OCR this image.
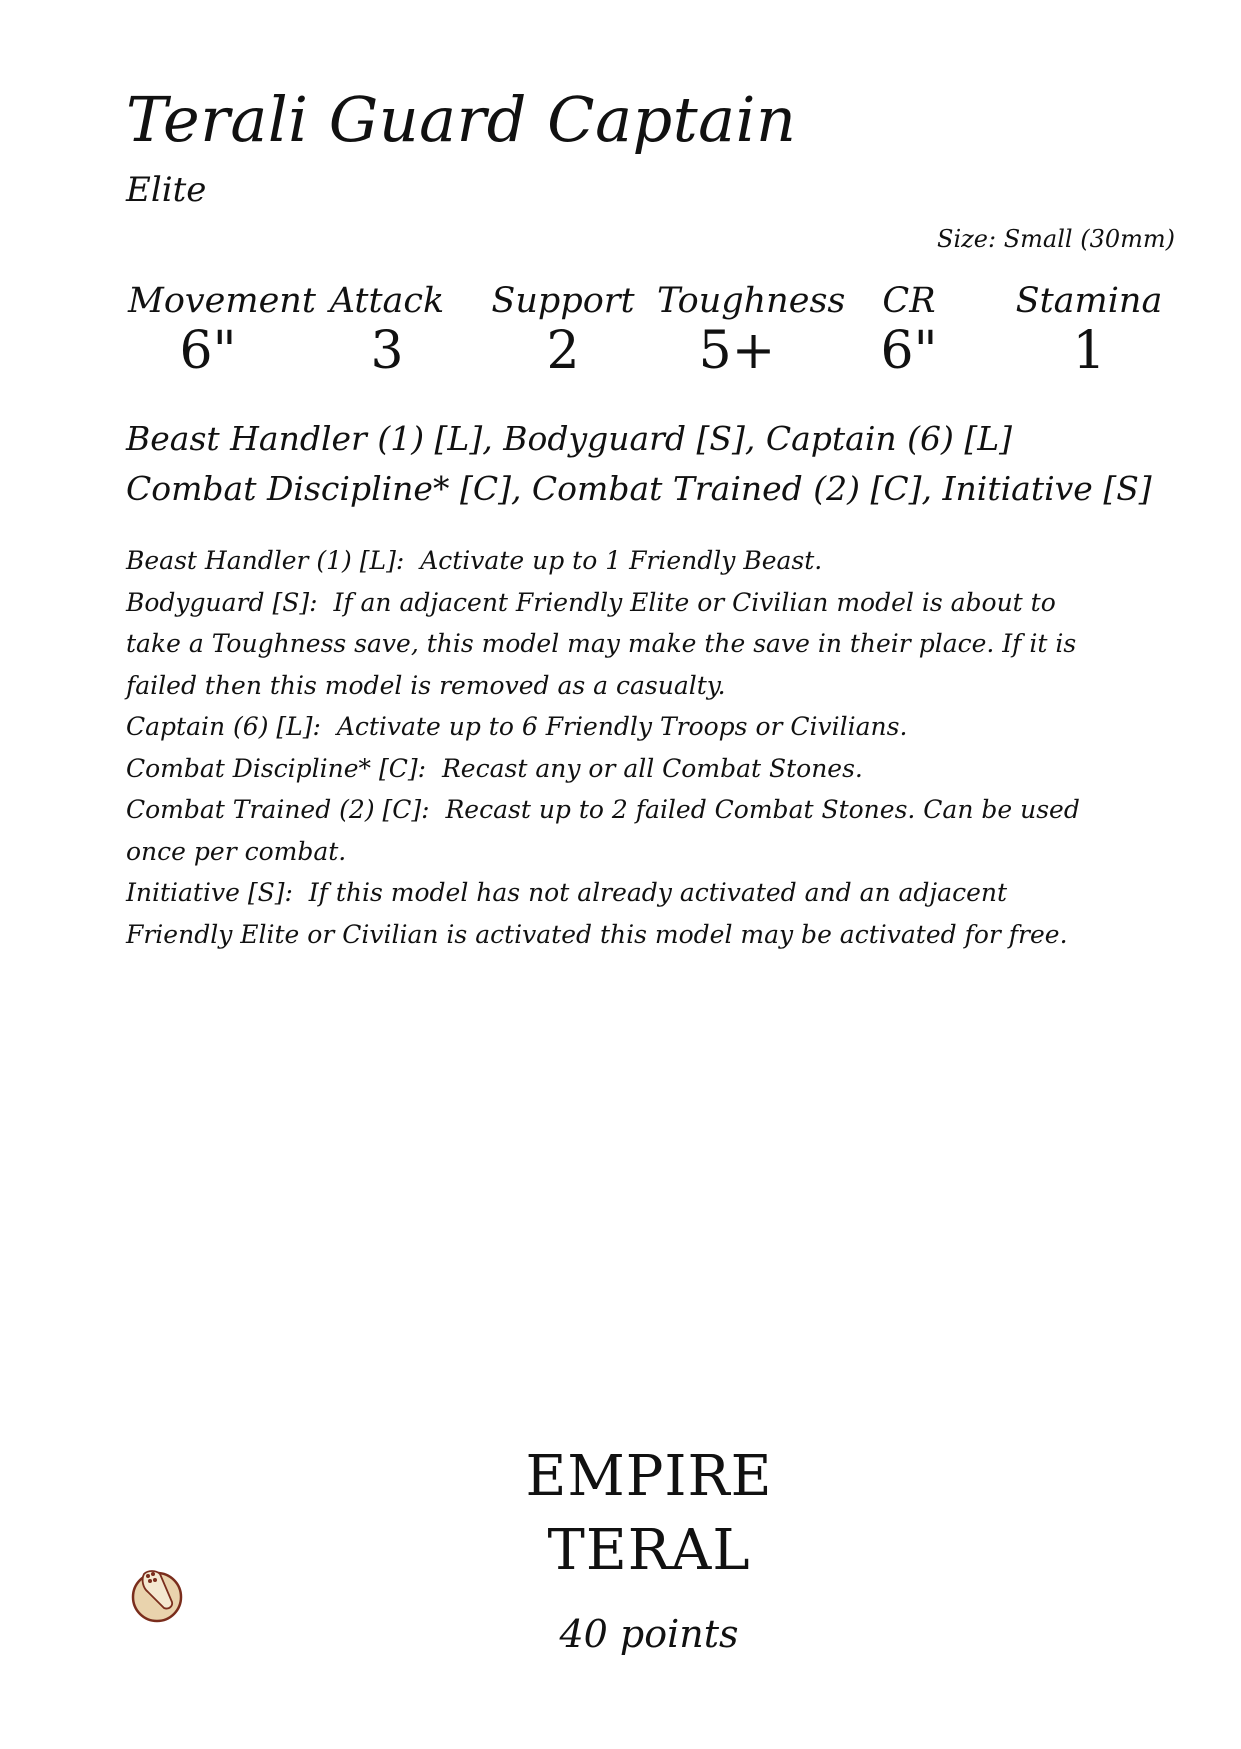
Terali Guard Captain
Elite
Size: Small (30mm)
Movement
6"
Attack
3
Support
2
Toughness
5+
CR
6"
Stamina
1
Beast Handler (1) [L], Bodyguard [S], Captain (6) [L]
Combat Discipline* [C], Combat Trained (2) [C], Initiative [S]

Beast Handler (1) [L]: Activate up to 1 Friendly Beast.

Bodyguard [S]: If an adjacent Friendly Elite or Civilian model is about to take a Toughness save, this model may make the save in their place. If it is failed then this model is removed as a casualty.

Captain (6) [L]: Activate up to 6 Friendly Troops or Civilians.

Combat Discipline* [C]: Recast any or all Combat Stones.

Combat Trained (2) [C]: Recast up to 2 failed Combat Stones. Can be used once per combat.

Initiative [S]: If this model has not already activated and an adjacent Friendly Elite or Civilian is activated this model may be activated for free.

EMPIRE
TERAL
40 points
